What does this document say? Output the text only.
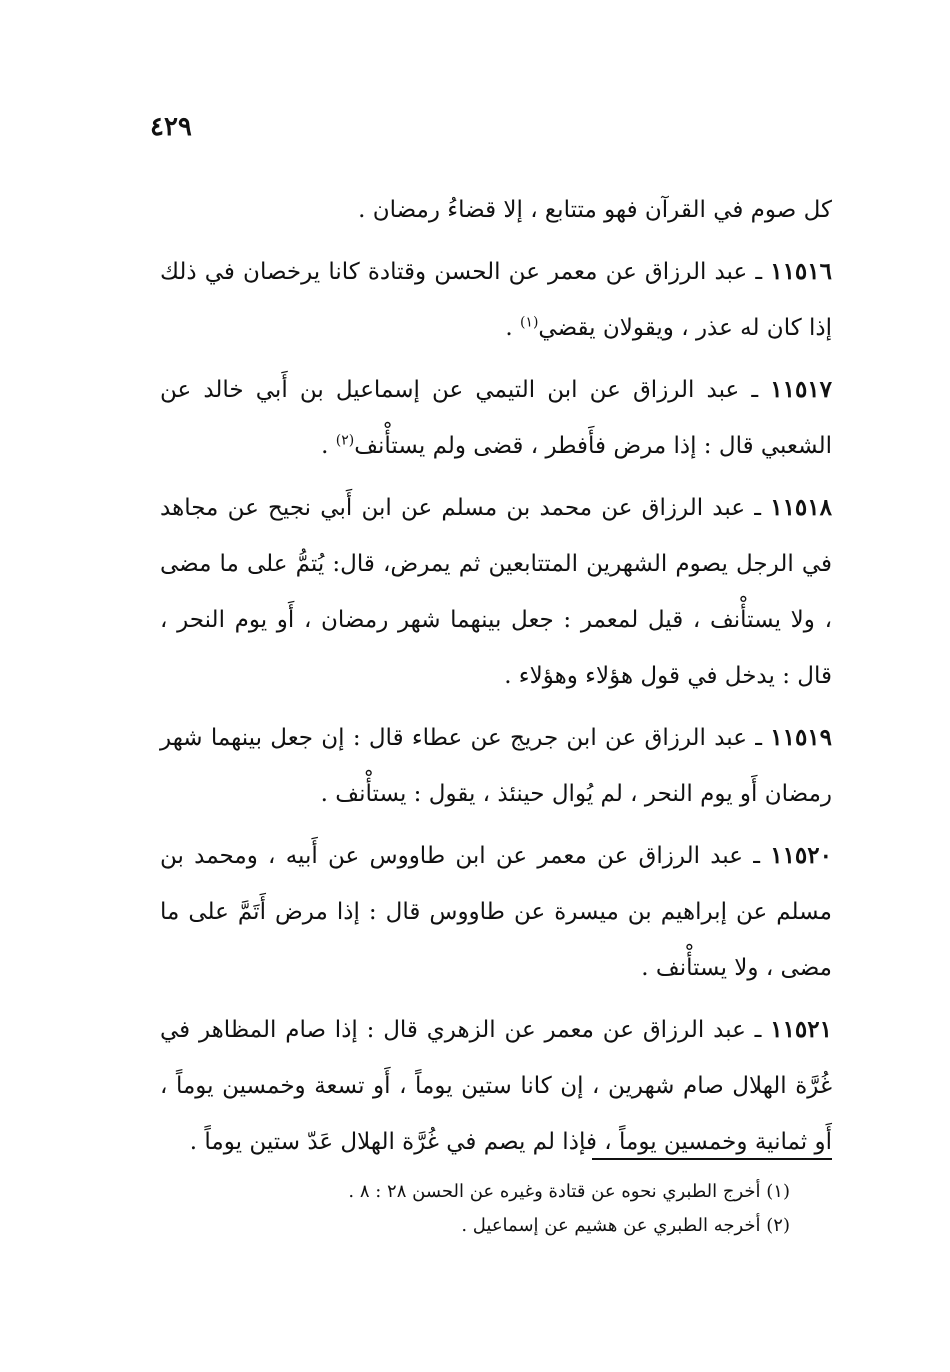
٤٢٩

كل صوم في القرآن فهو متتابع ، إلا قضاءُ رمضان .

١١٥١٦ ـ عبد الرزاق عن معمر عن الحسن وقتادة كانا يرخصان في ذلك إذا كان له عذر ، ويقولان يقضي$^{(١)}$ .

١١٥١٧ ـ عبد الرزاق عن ابن التيمي عن إسماعيل بن أَبي خالد عن الشعبي قال : إذا مرض فأَفطر ، قضى ولم يستأْنف$^{(٢)}$ .

١١٥١٨ ـ عبد الرزاق عن محمد بن مسلم عن ابن أَبي نجيح عن مجاهد في الرجل يصوم الشهرين المتتابعين ثم يمرض، قال: يُتمُّ على ما مضى ، ولا يستأْنف ، قيل لمعمر : جعل بينهما شهر رمضان ، أَو يوم النحر ، قال : يدخل في قول هؤلاء وهؤلاء .

١١٥١٩ ـ عبد الرزاق عن ابن جريج عن عطاء قال : إن جعل بينهما شهر رمضان أَو يوم النحر ، لم يُوال حينئذ ، يقول : يستأْنف .

١١٥٢٠ ـ عبد الرزاق عن معمر عن ابن طاووس عن أَبيه ، ومحمد بن مسلم عن إبراهيم بن ميسرة عن طاووس قال : إذا مرض أَتَمَّ على ما مضى ، ولا يستأْنف .

١١٥٢١ ـ عبد الرزاق عن معمر عن الزهري قال : إذا صام المظاهر في غُرَّة الهلال صام شهرين ، إن كانا ستين يوماً ، أَو تسعة وخمسين يوماً ، أَو ثمانية وخمسين يوماً ، فإذا لم يصم في غُرَّة الهلال عَدّ ستين يوماً .

(١) أخرج الطبري نحوه عن قتادة وغيره عن الحسن ٢٨ : ٨ .

(٢) أخرجه الطبري عن هشيم عن إسماعيل .
